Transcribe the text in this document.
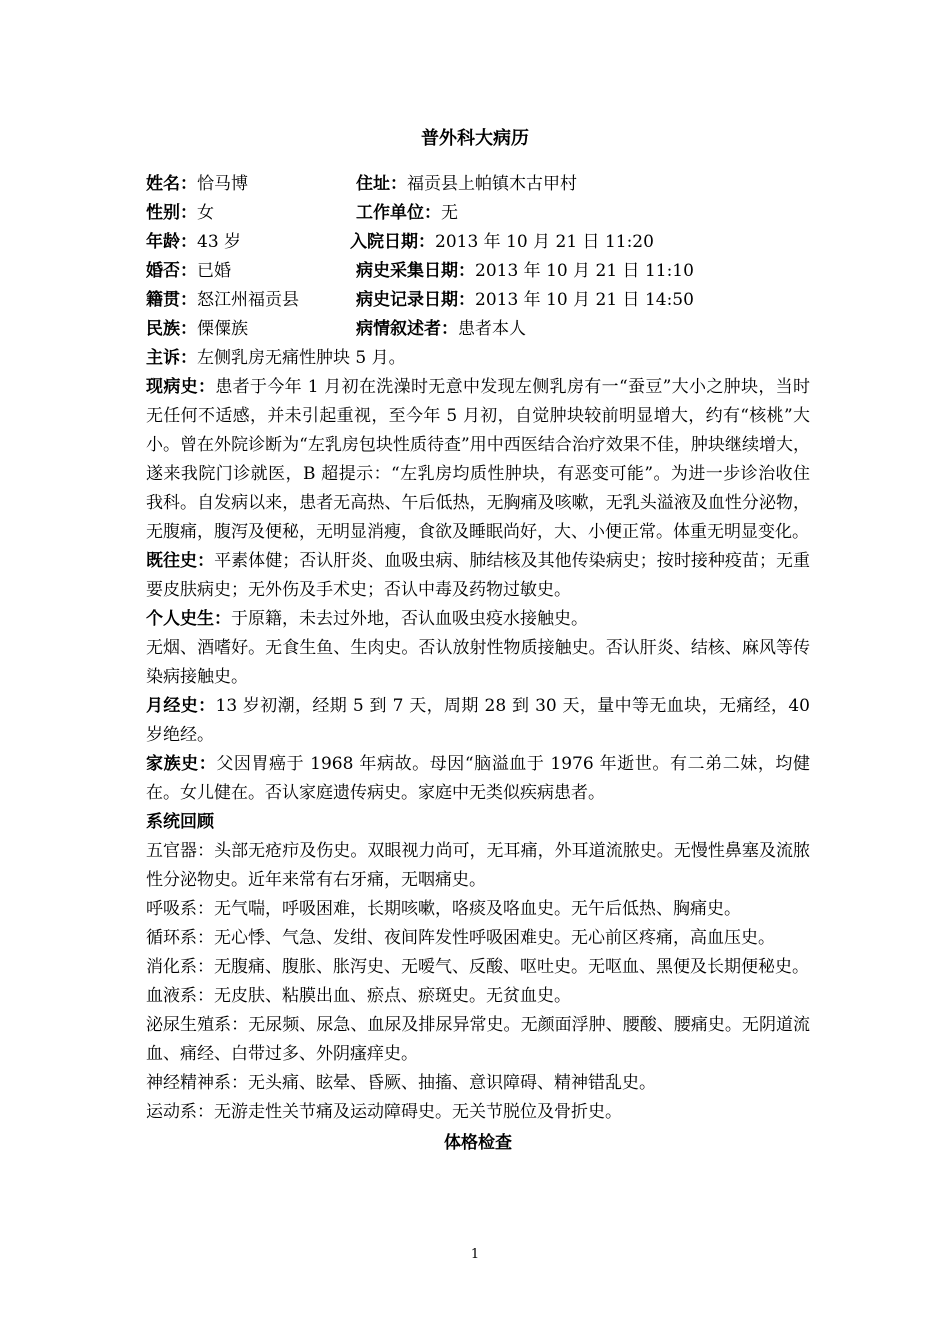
普外科大病历
姓名：恰马博	住址：福贡县上帕镇木古甲村
性别：女	工作单位：无
年龄：43 岁	入院日期：2013 年 10 月 21 日 11:20
婚否：已婚	病史采集日期：2013 年 10 月 21 日 11:10
籍贯：怒江州福贡县	病史记录日期：2013 年 10 月 21 日 14:50
民族：傈僳族	病情叙述者：患者本人

主诉：左侧乳房无痛性肿块 5 月。

现病史：患者于今年 1 月初在洗澡时无意中发现左侧乳房有一“蚕豆”大小之肿块，当时无任何不适感，并未引起重视，至今年 5 月初，自觉肿块较前明显增大，约有“核桃”大小。曾在外院诊断为“左乳房包块性质待查”用中西医结合治疗效果不佳，肿块继续增大，遂来我院门诊就医，B 超提示：“左乳房均质性肿块，有恶变可能”。为进一步诊治收住我科。自发病以来，患者无高热、午后低热，无胸痛及咳嗽，无乳头溢液及血性分泌物，无腹痛，腹泻及便秘，无明显消瘦，食欲及睡眠尚好，大、小便正常。体重无明显变化。

既往史：平素体健；否认肝炎、血吸虫病、肺结核及其他传染病史；按时接种疫苗；无重要皮肤病史；无外伤及手术史；否认中毒及药物过敏史。

个人史生：于原籍，未去过外地，否认血吸虫疫水接触史。

无烟、酒嗜好。无食生鱼、生肉史。否认放射性物质接触史。否认肝炎、结核、麻风等传染病接触史。

月经史：13 岁初潮，经期 5 到 7 天，周期 28 到 30 天，量中等无血块，无痛经，40 岁绝经。

家族史：父因胃癌于 1968 年病故。母因“脑溢血于 1976 年逝世。有二弟二妹，均健在。女儿健在。否认家庭遗传病史。家庭中无类似疾病患者。

系统回顾

五官器：头部无疮疖及伤史。双眼视力尚可，无耳痛，外耳道流脓史。无慢性鼻塞及流脓性分泌物史。近年来常有右牙痛，无咽痛史。

呼吸系：无气喘，呼吸困难，长期咳嗽，咯痰及咯血史。无午后低热、胸痛史。

循环系：无心悸、气急、发绀、夜间阵发性呼吸困难史。无心前区疼痛，高血压史。

消化系：无腹痛、腹胀、胀泻史、无嗳气、反酸、呕吐史。无呕血、黑便及长期便秘史。

血液系：无皮肤、粘膜出血、瘀点、瘀斑史。无贫血史。

泌尿生殖系：无尿频、尿急、血尿及排尿异常史。无颜面浮肿、腰酸、腰痛史。无阴道流血、痛经、白带过多、外阴瘙痒史。

神经精神系：无头痛、眩晕、昏厥、抽搐、意识障碍、精神错乱史。

运动系：无游走性关节痛及运动障碍史。无关节脱位及骨折史。

体格检查
1
